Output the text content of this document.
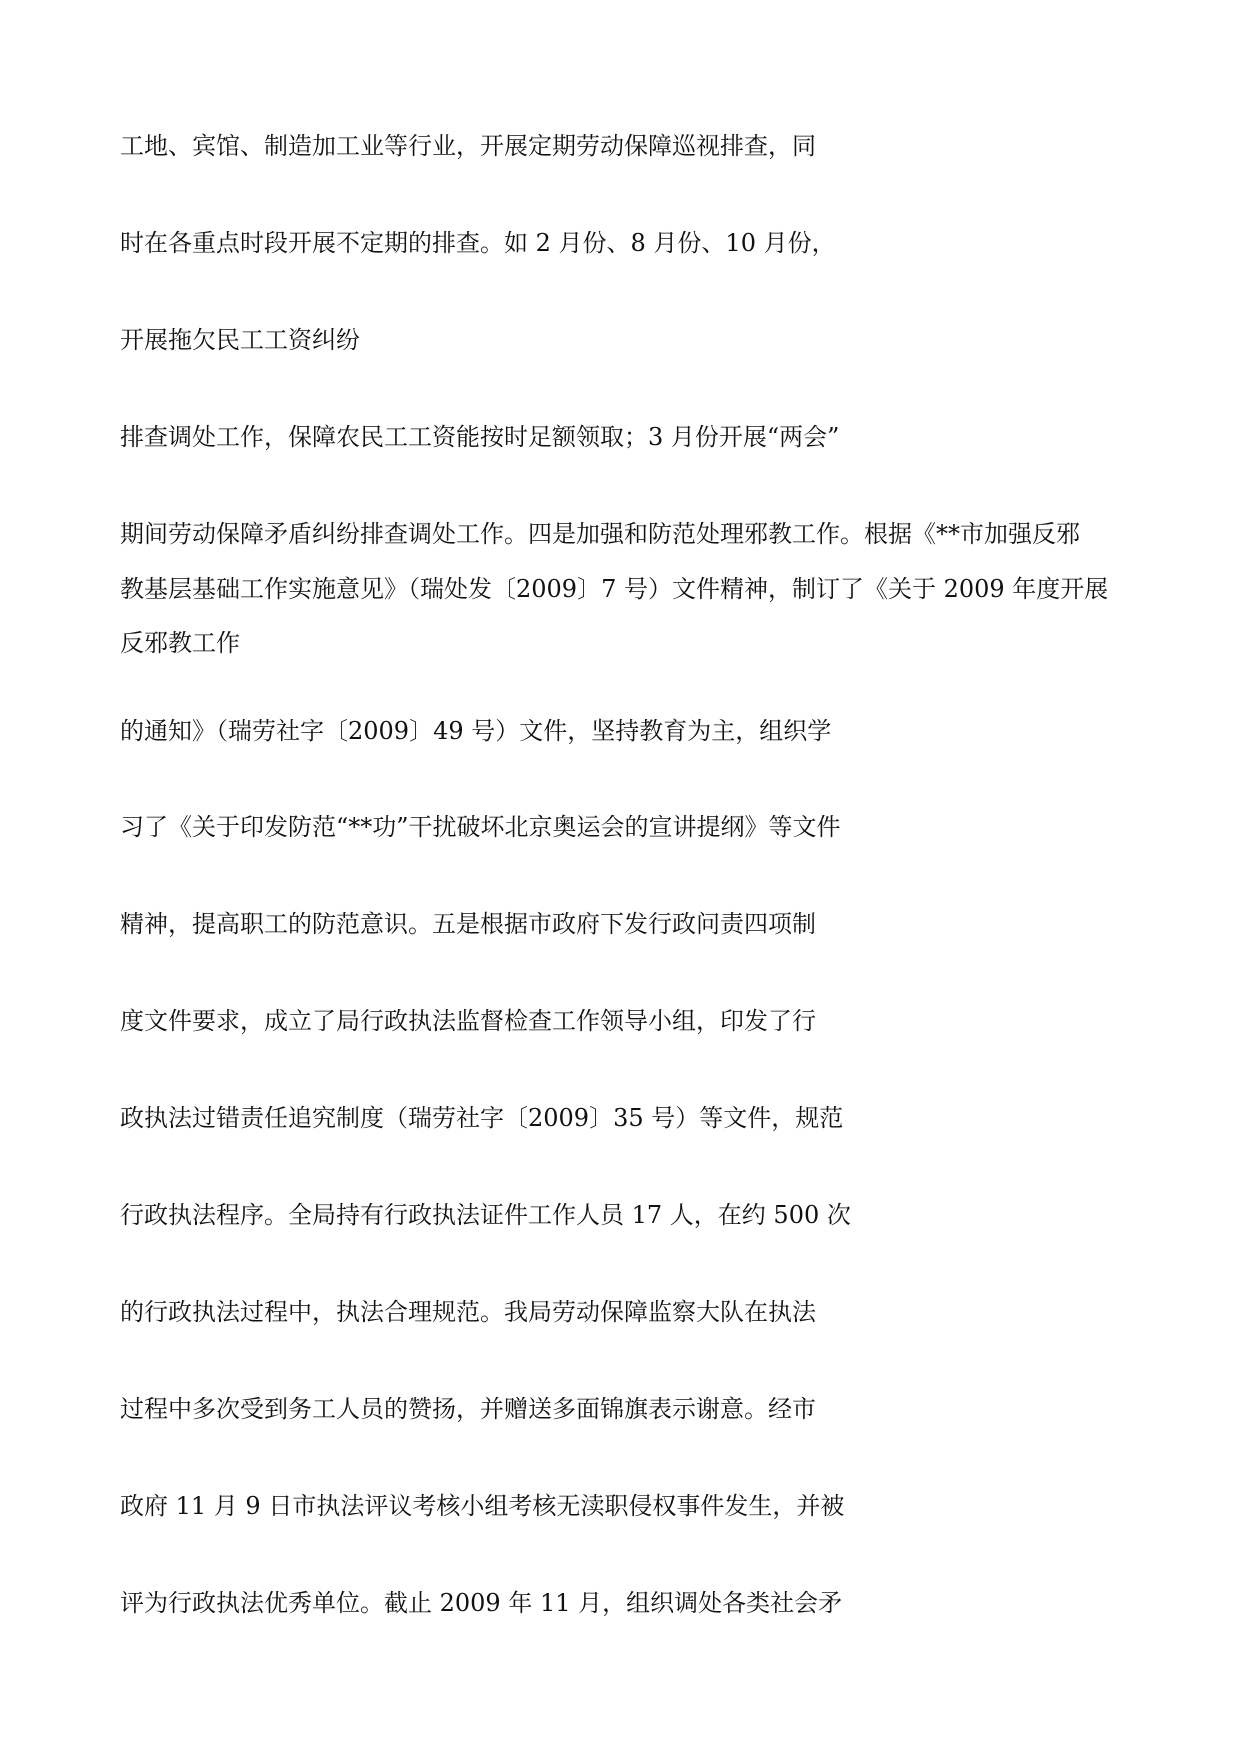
工地、宾馆、制造加工业等行业，开展定期劳动保障巡视排查，同

时在各重点时段开展不定期的排查。如 2 月份、8 月份、10 月份，

开展拖欠民工工资纠纷

排查调处工作，保障农民工工资能按时足额领取；3 月份开展“两会”

期间劳动保障矛盾纠纷排查调处工作。四是加强和防范处理邪教工作。根据《**市加强反邪

教基层基础工作实施意见》（瑞处发〔2009〕7 号）文件精神，制订了《关于 2009 年度开展

反邪教工作

的通知》（瑞劳社字〔2009〕49 号）文件，坚持教育为主，组织学

习了《关于印发防范“**功”干扰破坏北京奥运会的宣讲提纲》等文件

精神，提高职工的防范意识。五是根据市政府下发行政问责四项制

度文件要求，成立了局行政执法监督检查工作领导小组，印发了行

政执法过错责任追究制度（瑞劳社字〔2009〕35 号）等文件，规范

行政执法程序。全局持有行政执法证件工作人员 17 人，在约 500 次

的行政执法过程中，执法合理规范。我局劳动保障监察大队在执法

过程中多次受到务工人员的赞扬，并赠送多面锦旗表示谢意。经市

政府 11 月 9 日市执法评议考核小组考核无渎职侵权事件发生，并被

评为行政执法优秀单位。截止 2009 年 11 月，组织调处各类社会矛
